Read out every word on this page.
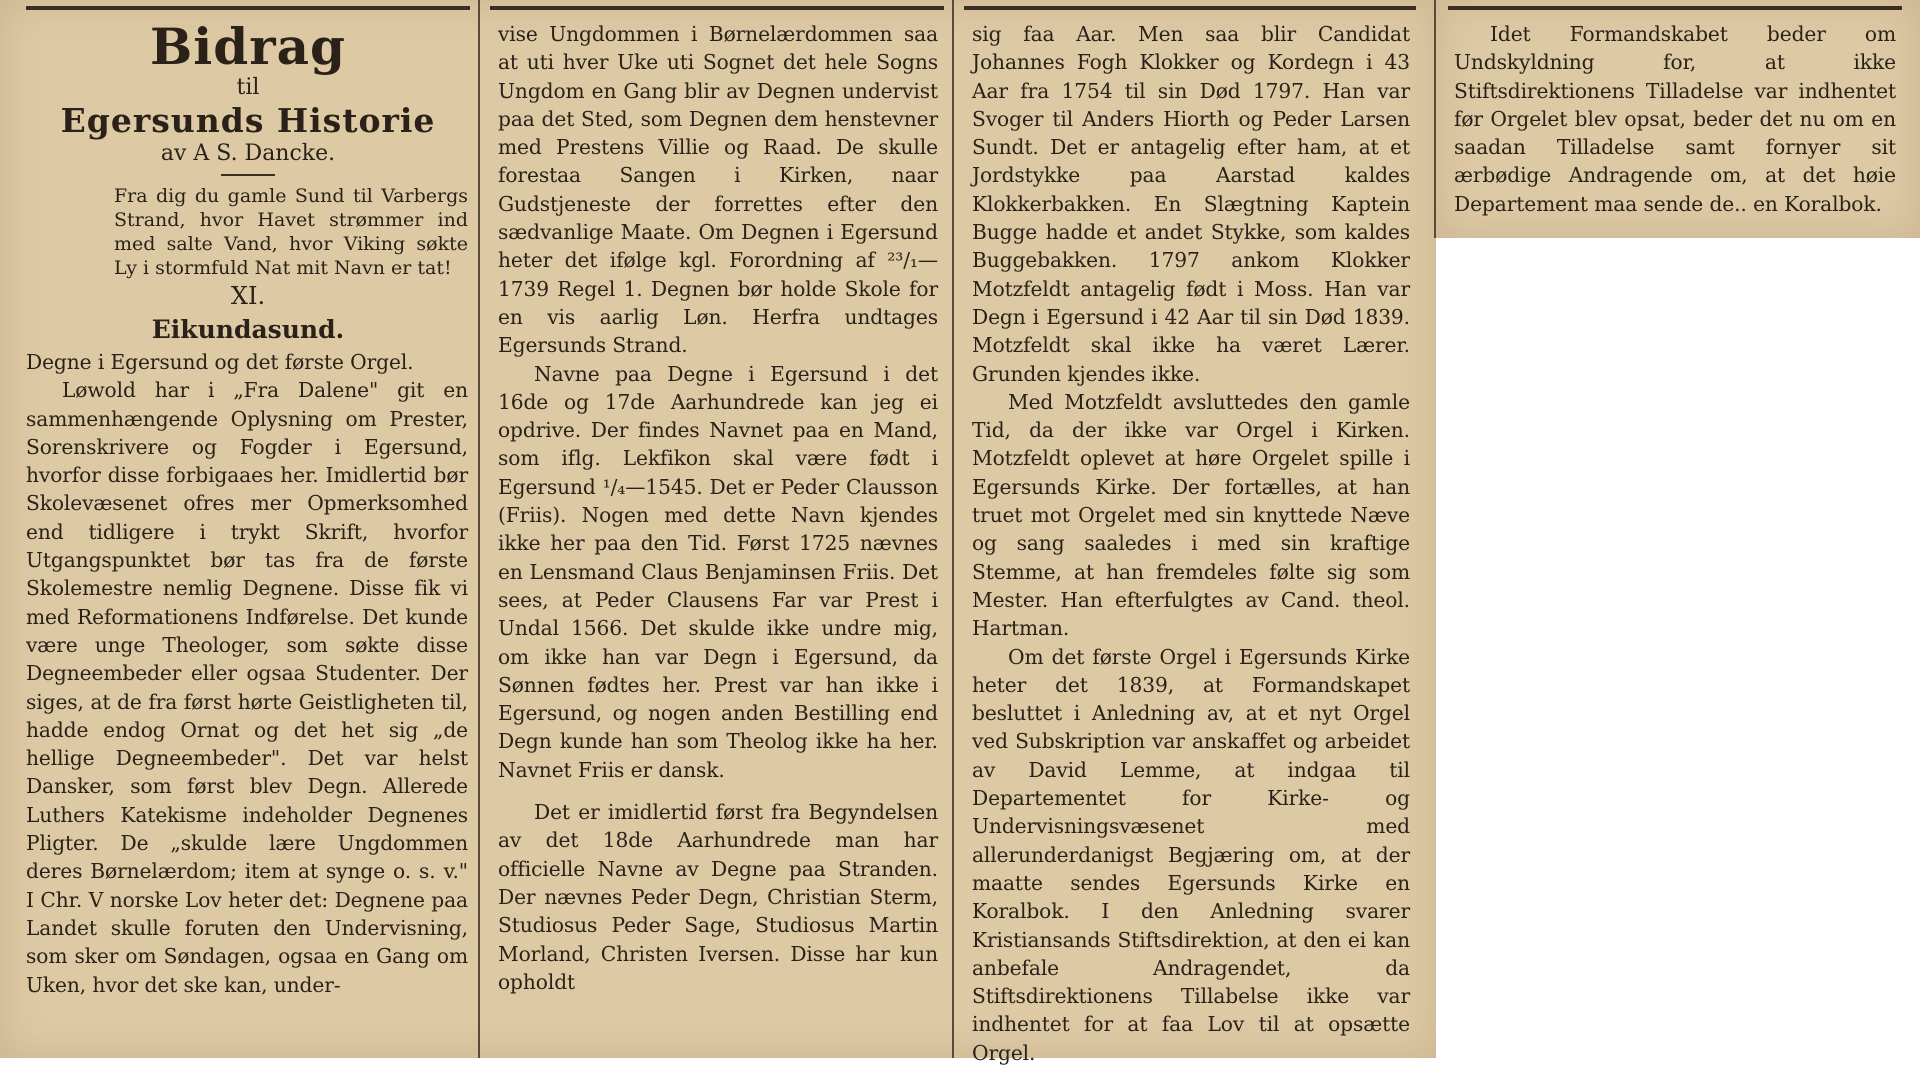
Bidrag
til
Egersunds Historie
av A S. Dancke.

Fra dig du gamle Sund til Varbergs Strand, hvor Havet strømmer ind med salte Vand, hvor Viking søkte Ly i stormfuld Nat mit Navn er tat!

XI.
Eikundasund.

Degne i Egersund og det første Orgel.

Løwold har i „Fra Dalene" git en sammenhængende Oplysning om Prester, Sorenskrivere og Fogder i Egersund, hvorfor disse forbigaaes her. Imidlertid bør Skolevæsenet ofres mer Opmerksomhed end tidligere i trykt Skrift, hvorfor Utgangspunktet bør tas fra de første Skolemestre nemlig Degnene. Disse fik vi med Reformationens Indførelse. Det kunde være unge Theologer, som søkte disse Degneembeder eller ogsaa Studenter. Der siges, at de fra først hørte Geistligheten til, hadde endog Ornat og det het sig „de hellige Degneembeder". Det var helst Dansker, som først blev Degn. Allerede Luthers Katekisme indeholder Degnenes Pligter. De „skulde lære Ungdommen deres Børnelærdom; item at synge o. s. v." I Chr. V norske Lov heter det: Degnene paa Landet skulle foruten den Undervisning, som sker om Søndagen, ogsaa en Gang om Uken, hvor det ske kan, under-

vise Ungdommen i Børnelærdommen saa at uti hver Uke uti Sognet det hele Sogns Ungdom en Gang blir av Degnen undervist paa det Sted, som Degnen dem henstevner med Prestens Villie og Raad. De skulle forestaa Sangen i Kirken, naar Gudstjeneste der forrettes efter den sædvanlige Maate. Om Degnen i Egersund heter det ifølge kgl. Forordning af ²³/₁—1739 Regel 1. Degnen bør holde Skole for en vis aarlig Løn. Herfra undtages Egersunds Strand.

Navne paa Degne i Egersund i det 16de og 17de Aarhundrede kan jeg ei opdrive. Der findes Navnet paa en Mand, som iflg. Lekfikon skal være født i Egersund ¹/₄—1545. Det er Peder Clausson (Friis). Nogen med dette Navn kjendes ikke her paa den Tid. Først 1725 nævnes en Lensmand Claus Benjaminsen Friis. Det sees, at Peder Clausens Far var Prest i Undal 1566. Det skulde ikke undre mig, om ikke han var Degn i Egersund, da Sønnen fødtes her. Prest var han ikke i Egersund, og nogen anden Bestilling end Degn kunde han som Theolog ikke ha her. Navnet Friis er dansk.

Det er imidlertid først fra Begyndelsen av det 18de Aarhundrede man har officielle Navne av Degne paa Stranden. Der nævnes Peder Degn, Christian Sterm, Studiosus Peder Sage, Studiosus Martin Morland, Christen Iversen. Disse har kun opholdt

sig faa Aar. Men saa blir Candidat Johannes Fogh Klokker og Kordegn i 43 Aar fra 1754 til sin Død 1797. Han var Svoger til Anders Hiorth og Peder Larsen Sundt. Det er antagelig efter ham, at et Jordstykke paa Aarstad kaldes Klokkerbakken. En Slægtning Kaptein Bugge hadde et andet Stykke, som kaldes Buggebakken. 1797 ankom Klokker Motzfeldt antagelig født i Moss. Han var Degn i Egersund i 42 Aar til sin Død 1839. Motzfeldt skal ikke ha været Lærer. Grunden kjendes ikke.

Med Motzfeldt avsluttedes den gamle Tid, da der ikke var Orgel i Kirken. Motzfeldt oplevet at høre Orgelet spille i Egersunds Kirke. Der fortælles, at han truet mot Orgelet med sin knyttede Næve og sang saaledes i med sin kraftige Stemme, at han fremdeles følte sig som Mester. Han efterfulgtes av Cand. theol. Hartman.

Om det første Orgel i Egersunds Kirke heter det 1839, at Formandskapet besluttet i Anledning av, at et nyt Orgel ved Subskription var anskaffet og arbeidet av David Lemme, at indgaa til Departementet for Kirke- og Undervisningsvæsenet med allerunderdanigst Begjæring om, at der maatte sendes Egersunds Kirke en Koralbok. I den Anledning svarer Kristiansands Stiftsdirektion, at den ei kan anbefale Andragendet, da Stiftsdirektionens Tillabelse ikke var indhentet for at faa Lov til at opsætte Orgel.

Idet Formandskabet beder om Undskyldning for, at ikke Stiftsdirektionens Tilladelse var indhentet før Orgelet blev opsat, beder det nu om en saadan Tilladelse samt fornyer sit ærbødige Andragende om, at det høie Departement maa sende de.. en Koralbok.
